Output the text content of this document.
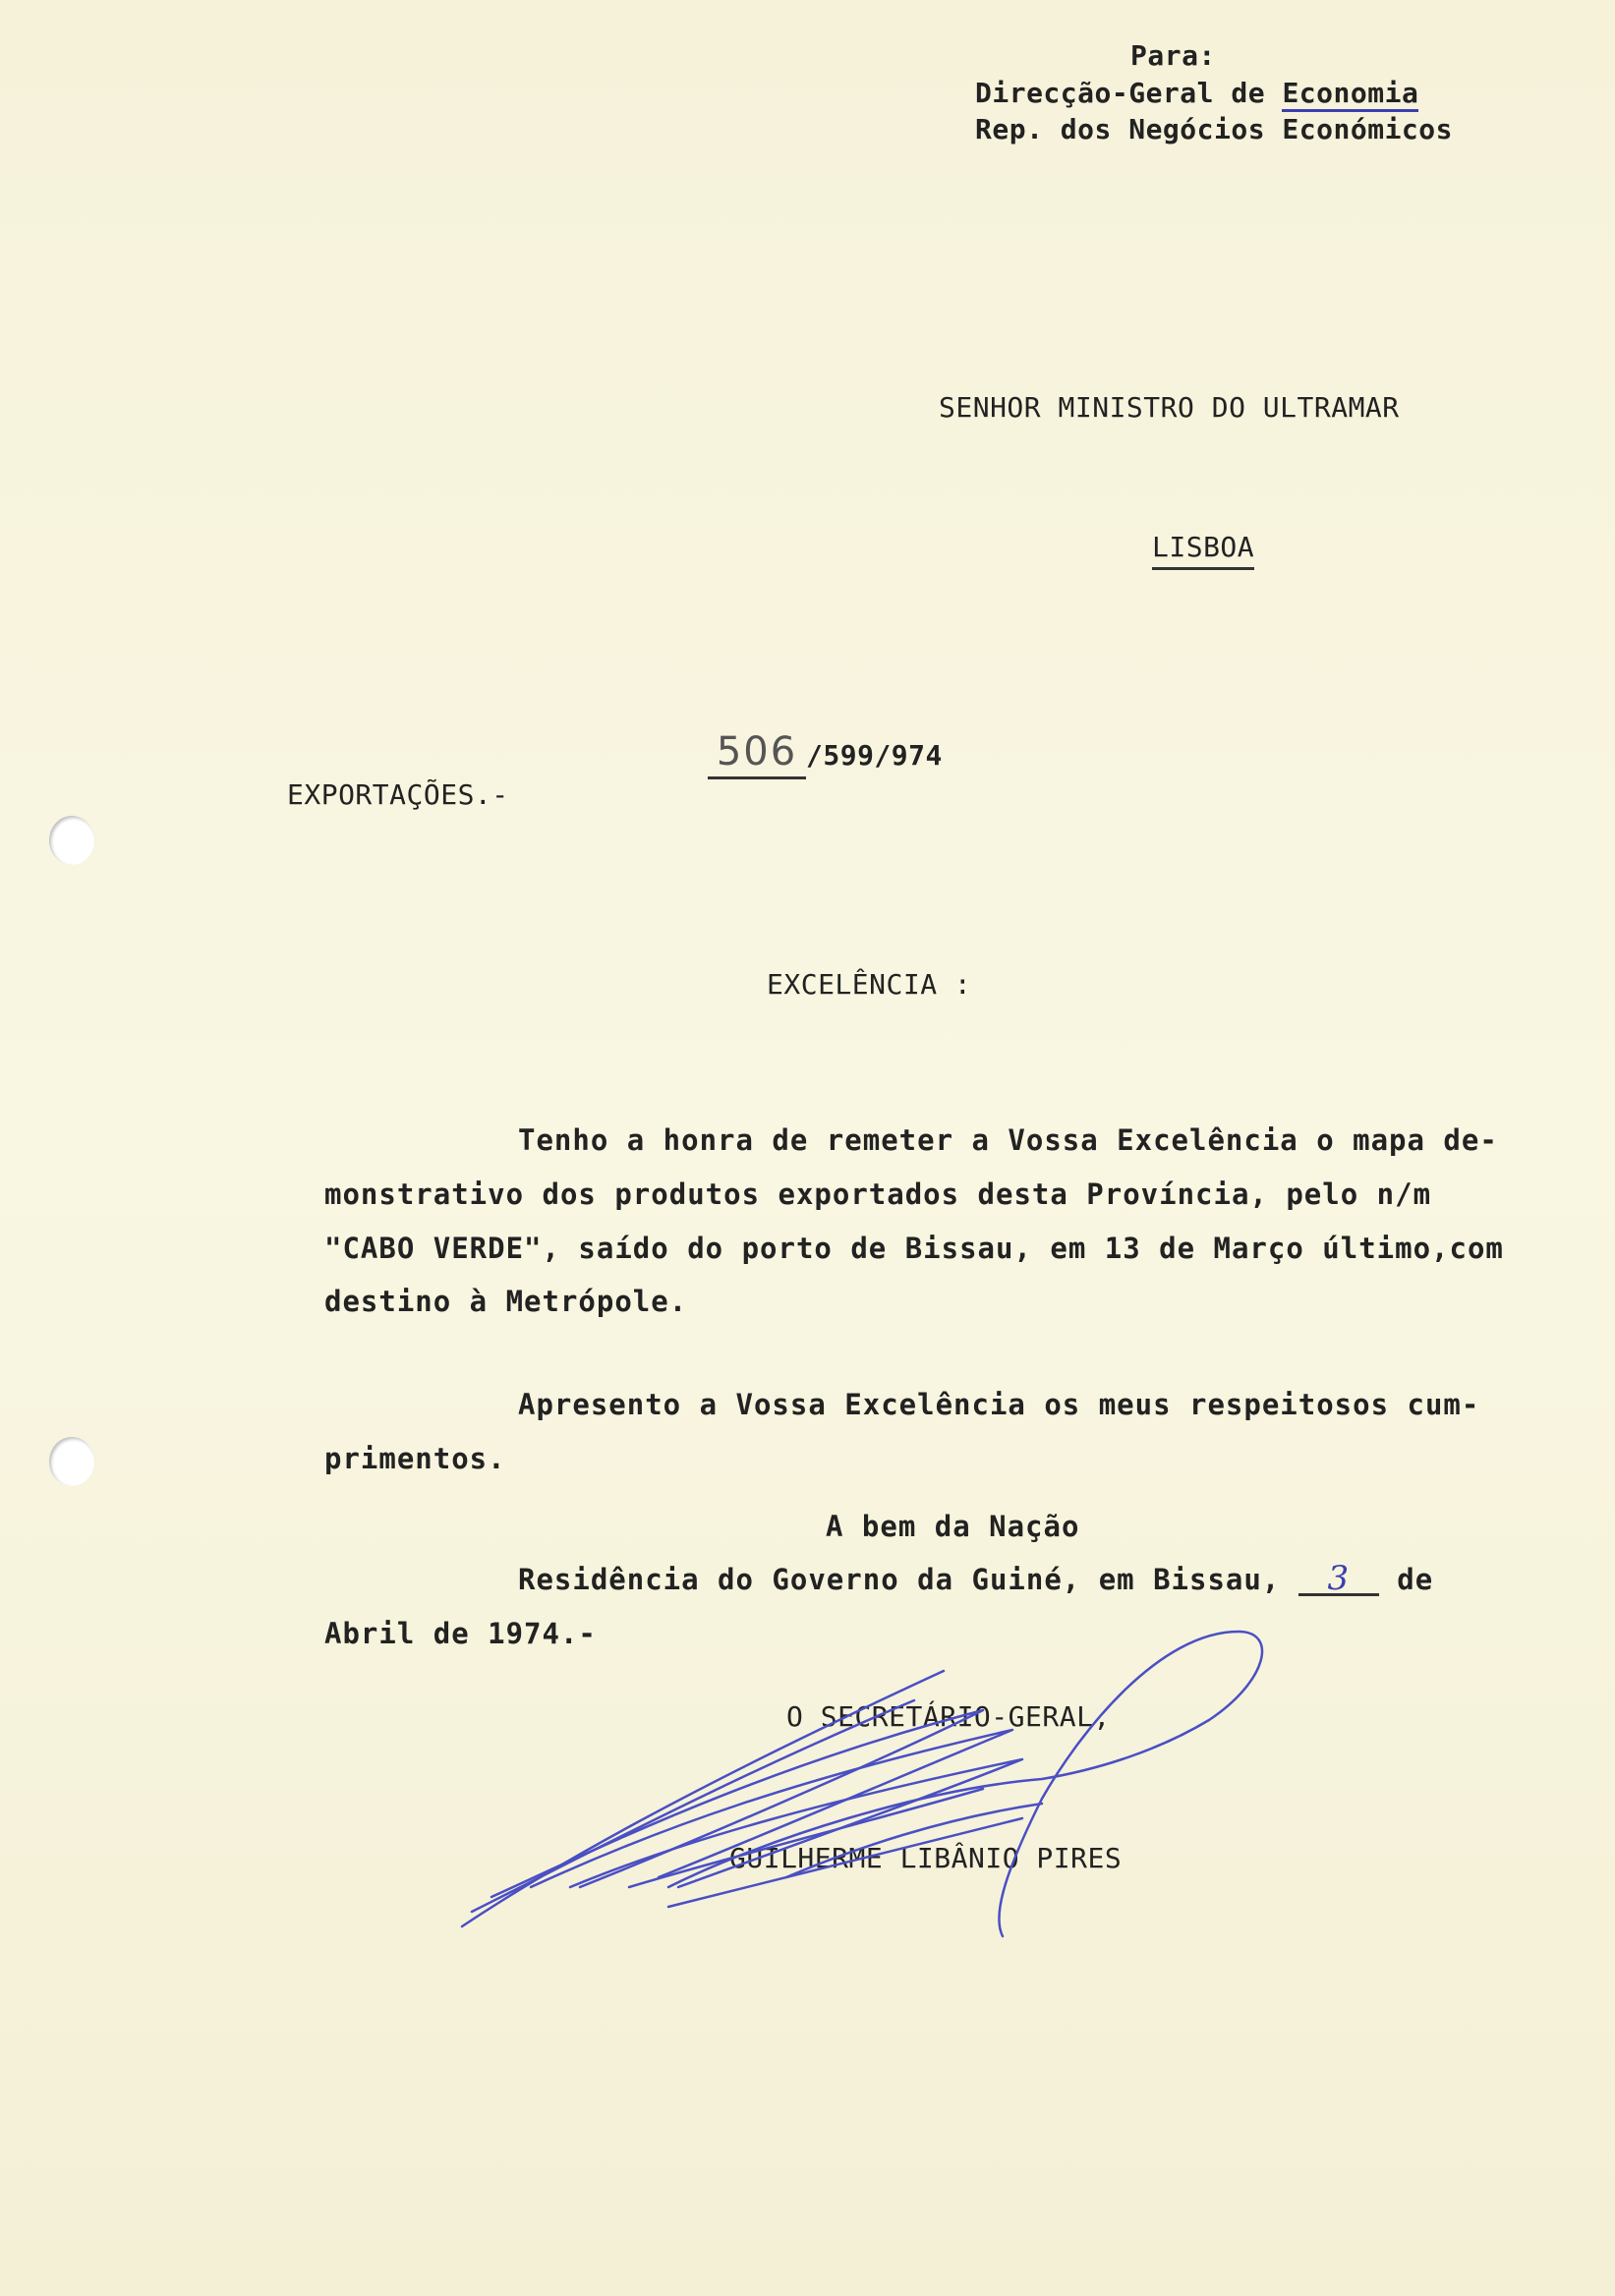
Para:
Direcção-Geral de Economia
Rep. dos Negócios Económicos
SENHOR MINISTRO DO ULTRAMAR
LISBOA
EXPORTAÇÕES.-
506 /599/974
EXCELÊNCIA :
Tenho a honra de remeter a Vossa Excelência o mapa de-
monstrativo dos produtos exportados desta Província, pelo n/m
"CABO VERDE", saído do porto de Bissau, em 13 de Março último,com
destino à Metrópole.
Apresento a Vossa Excelência os meus respeitosos cum-
primentos.
A bem da Nação
Residência do Governo da Guiné, em Bissau, 3 de
Abril de 1974.-
O SECRETÁRIO-GERAL,
GUILHERME LIBÂNIO PIRES
